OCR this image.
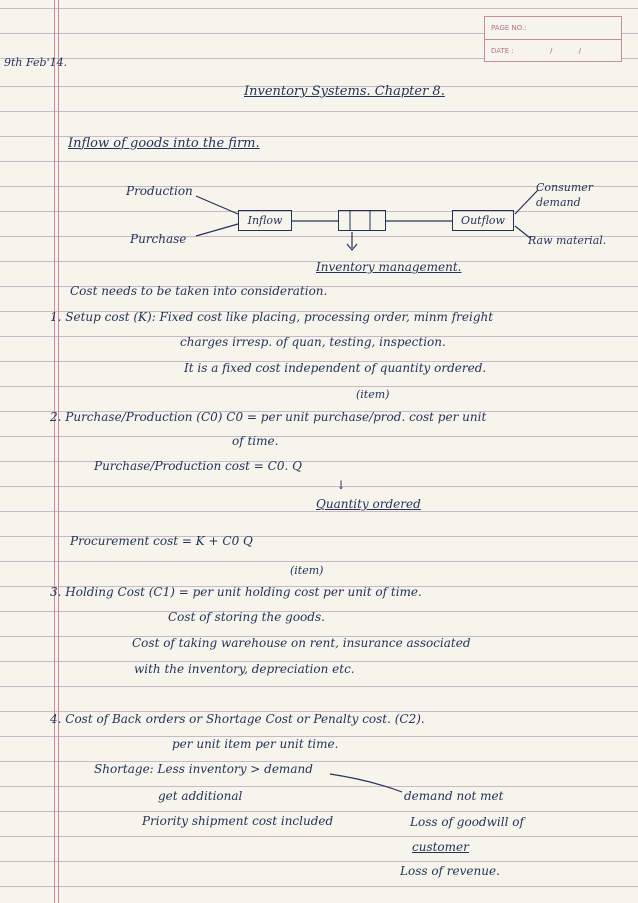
PAGE NO.:
DATE :	/ /
9th Feb'14.
Inventory Systems. Chapter 8.
Inflow of goods into the firm.
Production
Purchase
Inflow	Outflow
Consumer demand
Raw material.
Inventory management.
Cost needs to be taken into consideration.
1. Setup cost (K): Fixed cost like placing, processing order, minm freight
charges irresp. of quan, testing, inspection.
It is a fixed cost independent of quantity ordered.
(item)
2. Purchase/Production (C0) C0 = per unit purchase/prod. cost per unit
of time.
Purchase/Production cost = C0. Q
↓
Quantity ordered
Procurement cost = K + C0 Q
(item)
3. Holding Cost (C1) = per unit holding cost per unit of time.
Cost of storing the goods.
Cost of taking warehouse on rent, insurance associated
with the inventory, depreciation etc.
4. Cost of Back orders or Shortage Cost or Penalty cost. (C2).
per unit item per unit time.
Shortage: Less inventory > demand
get additional
Priority shipment cost included
demand not met
Loss of goodwill of
customer
Loss of revenue.
